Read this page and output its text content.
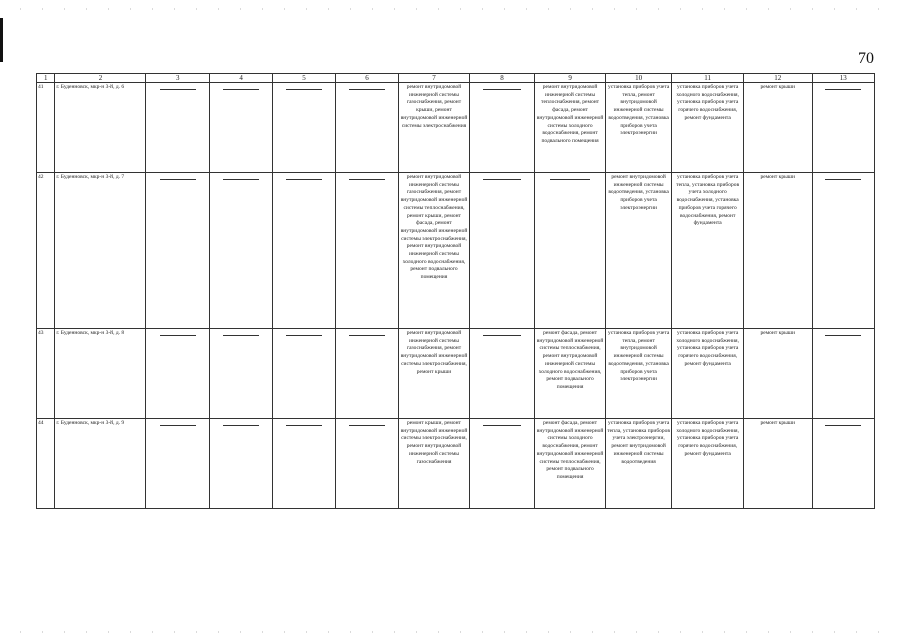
70
1	2	3	4	5	6	7	8	9	10	11	12	13
41	г. Буденновск, мкр-н 3-й, д. 6					ремонт внутридомовой инженерной системы газоснабжения, ремонт крыши, ремонт внутридомовой инженерной системы электроснабжения		ремонт внутридомовой инженерной системы теплоснабжения, ремонт фасада, ремонт внутридомовой инженерной системы холодного водоснабжения, ремонт подвального помещения	установка приборов учета тепла, ремонт внутридомовой инженерной системы водоотведения, установка приборов учета электроэнергии	установка приборов учета холодного водоснабжения, установка приборов учета горячего водоснабжения, ремонт фундамента	ремонт крыши	
42	г. Буденновск, мкр-н 3-й, д. 7					ремонт внутридомовой инженерной системы газоснабжения, ремонт внутридомовой инженерной системы теплоснабжения, ремонт крыши, ремонт фасада, ремонт внутридомовой инженерной системы электроснабжения, ремонт внутридомовой инженерной системы холодного водоснабжения, ремонт подвального помещения			ремонт внутридомовой инженерной системы водоотведения, установка приборов учета электроэнергии	установка приборов учета тепла, установка приборов учета холодного водоснабжения, установка приборов учета горячего водоснабжения, ремонт фундамента	ремонт крыши	
43	г. Буденновск, мкр-н 3-й, д. 8					ремонт внутридомовой инженерной системы газоснабжения, ремонт внутридомовой инженерной системы электроснабжения, ремонт крыши		ремонт фасада, ремонт внутридомовой инженерной системы теплоснабжения, ремонт внутридомовой инженерной системы холодного водоснабжения, ремонт подвального помещения	установка приборов учета тепла, ремонт внутридомовой инженерной системы водоотведения, установка приборов учета электроэнергии	установка приборов учета холодного водоснабжения, установка приборов учета горячего водоснабжения, ремонт фундамента	ремонт крыши	
44	г. Буденновск, мкр-н 3-й, д. 9					ремонт крыши, ремонт внутридомовой инженерной системы электроснабжения, ремонт внутридомовой инженерной системы газоснабжения		ремонт фасада, ремонт внутридомовой инженерной системы холодного водоснабжения, ремонт внутридомовой инженерной системы теплоснабжения, ремонт подвального помещения	установка приборов учета тепла, установка приборов учета электроэнергии, ремонт внутридомовой инженерной системы водоотведения	установка приборов учета холодного водоснабжения, установка приборов учета горячего водоснабжения, ремонт фундамента	ремонт крыши	
